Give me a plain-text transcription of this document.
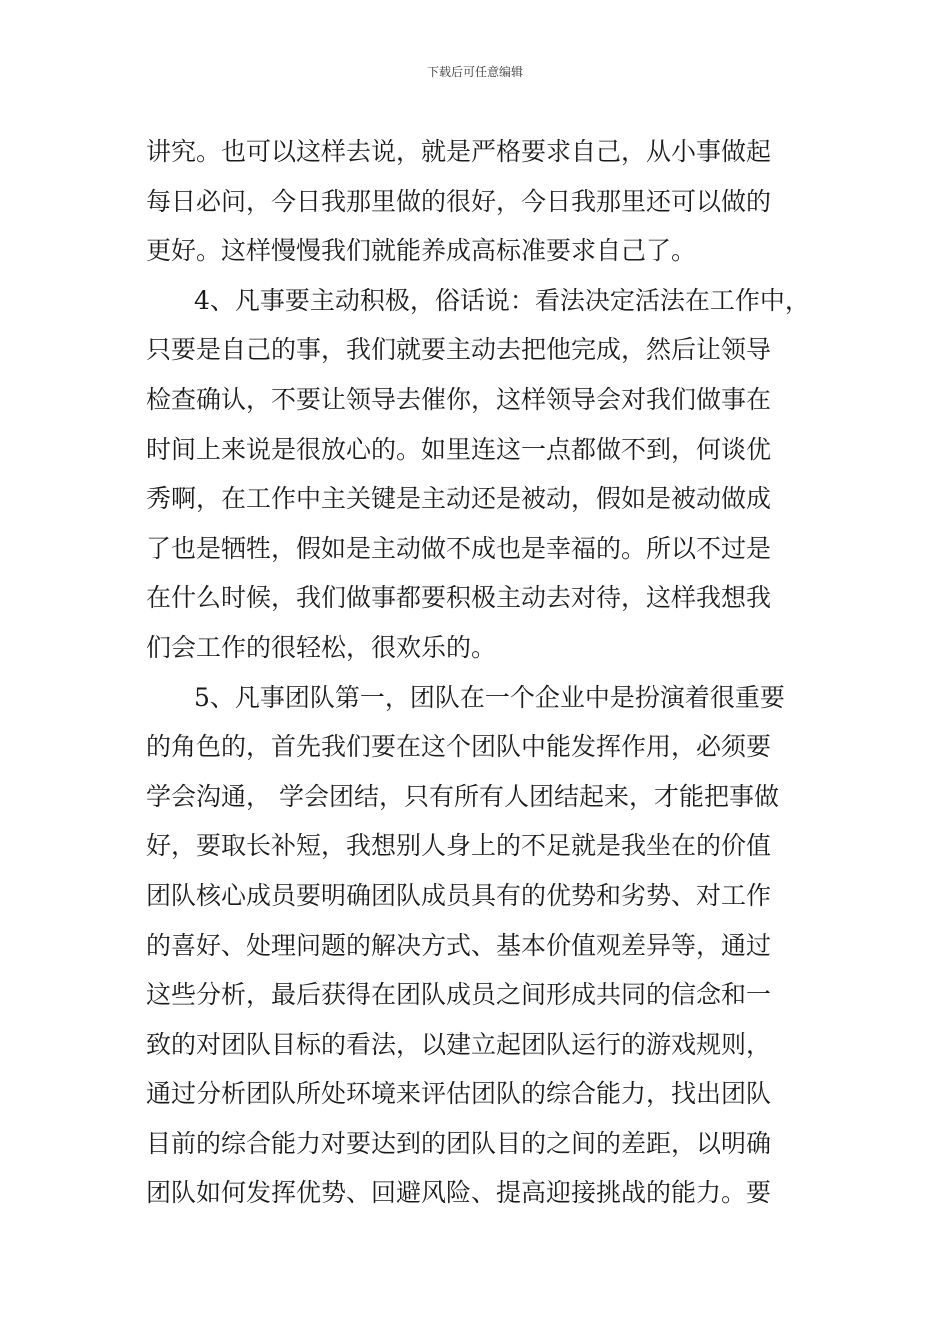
下载后可任意编辑
讲究。也可以这样去说，就是严格要求自己，从小事做起
每日必问，今日我那里做的很好，今日我那里还可以做的
更好。这样慢慢我们就能养成高标准要求自己了。
4、凡事要主动积极，俗话说：看法决定活法在工作中，
只要是自己的事，我们就要主动去把他完成，然后让领导
检查确认，不要让领导去催你，这样领导会对我们做事在
时间上来说是很放心的。如里连这一点都做不到，何谈优
秀啊，在工作中主关键是主动还是被动，假如是被动做成
了也是牺牲，假如是主动做不成也是幸福的。所以不过是
在什么时候，我们做事都要积极主动去对待，这样我想我
们会工作的很轻松，很欢乐的。
5、凡事团队第一，团队在一个企业中是扮演着很重要
的角色的，首先我们要在这个团队中能发挥作用，必须要
学会沟通， 学会团结，只有所有人团结起来，才能把事做
好，要取长补短，我想别人身上的不足就是我坐在的价值
团队核心成员要明确团队成员具有的优势和劣势、对工作
的喜好、处理问题的解决方式、基本价值观差异等，通过
这些分析，最后获得在团队成员之间形成共同的信念和一
致的对团队目标的看法，以建立起团队运行的游戏规则，
通过分析团队所处环境来评估团队的综合能力，找出团队
目前的综合能力对要达到的团队目的之间的差距，以明确
团队如何发挥优势、回避风险、提高迎接挑战的能力。要
